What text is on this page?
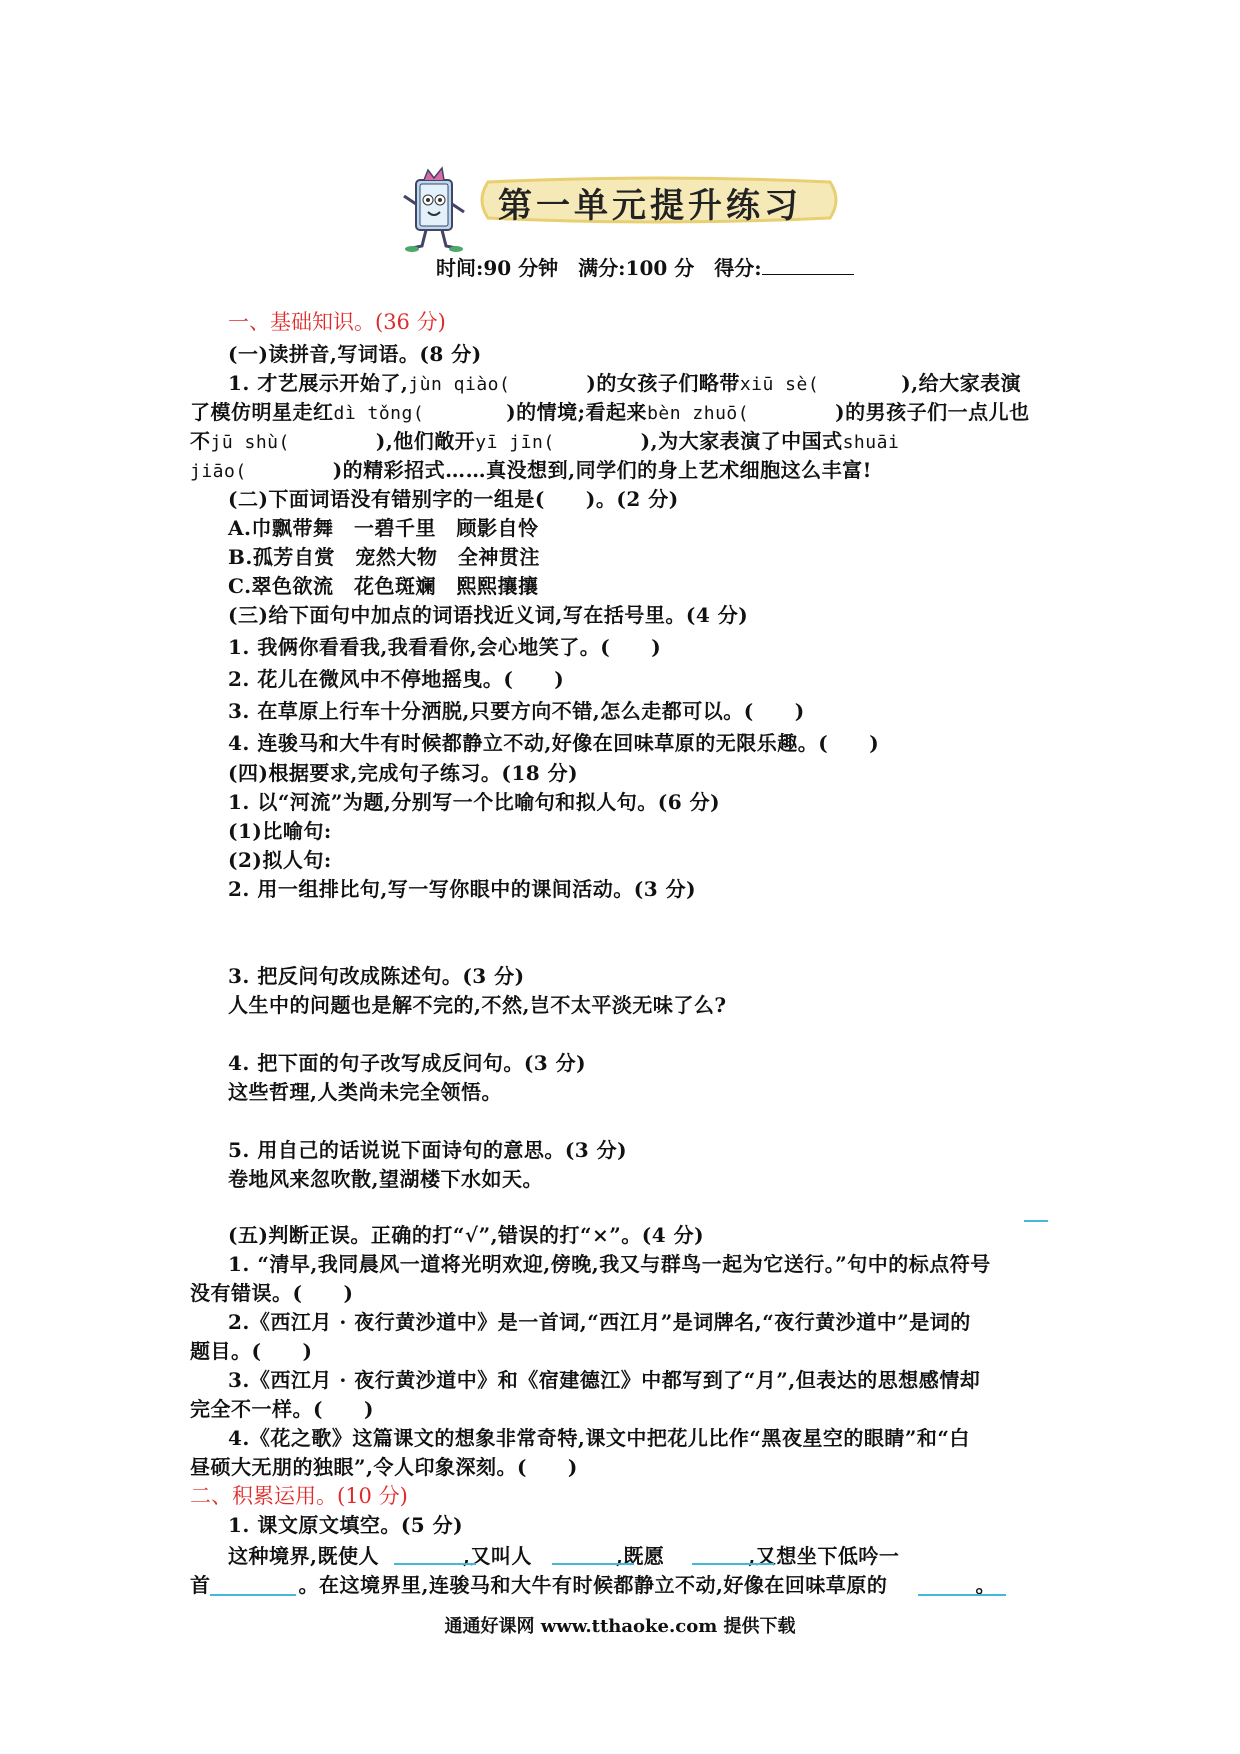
第一单元提升练习
时间:90 分钟　满分:100 分　得分:
一、基础知识。(36 分)
(一)读拼音,写词语。(8 分)
1. 才艺展示开始了,jùn qiào(	)的女孩子们略带xiū sè(	),给大家表演
了模仿明星走红dì tǒng(	)的情境;看起来bèn zhuō(	)的男孩子们一点儿也
不jū shù(	),他们敞开yī jīn(	),为大家表演了中国式shuāi
jiāo(	)的精彩招式……真没想到,同学们的身上艺术细胞这么丰富!
(二)下面词语没有错别字的一组是(　　)。(2 分)
A.巾飘带舞　一碧千里　顾影自怜
B.孤芳自赏　宠然大物　全神贯注
C.翠色欲流　花色斑斓　熙熙攘攘
(三)给下面句中加点的词语找近义词,写在括号里。(4 分)
1. 我俩你看看我,我看看你,会心地笑了。(　　)
2. 花儿在微风中不停地摇曳。(　　)
3. 在草原上行车十分洒脱,只要方向不错,怎么走都可以。(　　)
4. 连骏马和大牛有时候都静立不动,好像在回味草原的无限乐趣。(　　)
(四)根据要求,完成句子练习。(18 分)
1. 以“河流”为题,分别写一个比喻句和拟人句。(6 分)
(1)比喻句:
(2)拟人句:
2. 用一组排比句,写一写你眼中的课间活动。(3 分)
3. 把反问句改成陈述句。(3 分)
人生中的问题也是解不完的,不然,岂不太平淡无味了么?
4. 把下面的句子改写成反问句。(3 分)
这些哲理,人类尚未完全领悟。
5. 用自己的话说说下面诗句的意思。(3 分)
卷地风来忽吹散,望湖楼下水如天。
(五)判断正误。正确的打“√”,错误的打“×”。(4 分)
1. “清早,我同晨风一道将光明欢迎,傍晚,我又与群鸟一起为它送行。”句中的标点符号
没有错误。(　　)
2.《西江月 · 夜行黄沙道中》是一首词,“西江月”是词牌名,“夜行黄沙道中”是词的
题目。(　　)
3.《西江月 · 夜行黄沙道中》和《宿建德江》中都写到了“月”,但表达的思想感情却
完全不一样。(　　)
4.《花之歌》这篇课文的想象非常奇特,课文中把花儿比作“黑夜星空的眼睛”和“白
昼硕大无朋的独眼”,令人印象深刻。(　　)
二、积累运用。(10 分)
1. 课文原文填空。(5 分)
这种境界,既使人	,又叫人	,既愿	,又想坐下低吟一
首	。在这境界里,连骏马和大牛有时候都静立不动,好像在回味草原的	。
通通好课网 www.tthaoke.com 提供下载
